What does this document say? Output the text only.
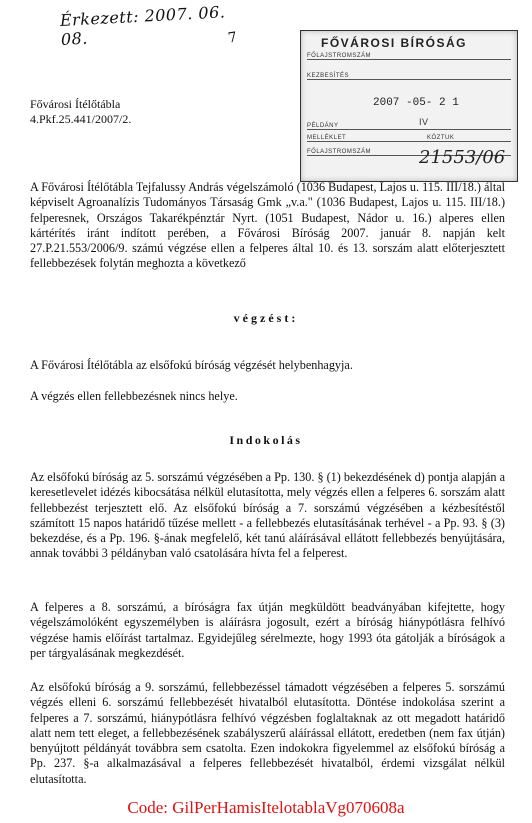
Érkezett: 2007. 06. 08.	7	FŐVÁROSI BÍRÓSÁG
FŐLAJSTROMSZÁM
KEZBESÍTÉS
2007 -05- 2 1
PÉLDÁNY	IV
MELLÉKLET	KÖZTUK
FŐLAJSTROMSZÁM	21553/06
Fővárosi Ítélőtábla
4.Pkf.25.441/2007/2.

A Fővárosi Ítélőtábla Tejfalussy András végelszámoló (1036 Budapest, Lajos u. 115. III/18.) által képviselt Agroanalízis Tudományos Társaság Gmk „v.a." (1036 Budapest, Lajos u. 115. III/18.) felperesnek, Országos Takarékpénztár Nyrt. (1051 Budapest, Nádor u. 16.) alperes ellen kártérítés iránt indított perében, a Fővárosi Bíróság 2007. január 8. napján kelt 27.P.21.553/2006/9. számú végzése ellen a felperes által 10. és 13. sorszám alatt előterjesztett fellebbezések folytán meghozta a következő

végzést:

A Fővárosi Ítélőtábla az elsőfokú bíróság végzését helybenhagyja.

A végzés ellen fellebbezésnek nincs helye.

Indokolás

Az elsőfokú bíróság az 5. sorszámú végzésében a Pp. 130. § (1) bekezdésének d) pontja alapján a keresetlevelet idézés kibocsátása nélkül elutasította, mely végzés ellen a felperes 6. sorszám alatt fellebbezést terjesztett elő. Az elsőfokú bíróság a 7. sorszámú végzésében a kézbesítéstől számított 15 napos határidő tűzése mellett - a fellebbezés elutasításának terhével - a Pp. 93. § (3) bekezdése, és a Pp. 196. §-ának megfelelő, két tanú aláírásával ellátott fellebbezés benyújtására, annak további 3 példányban való csatolására hívta fel a felperest.

A felperes a 8. sorszámú, a bíróságra fax útján megküldött beadványában kifejtette, hogy végelszámolóként egyszemélyben is aláírásra jogosult, ezért a bíróság hiánypótlásra felhívó végzése hamis előírást tartalmaz. Egyidejűleg sérelmezte, hogy 1993 óta gátolják a bíróságok a per tárgyalásának megkezdését.

Az elsőfokú bíróság a 9. sorszámú, fellebbezéssel támadott végzésében a felperes 5. sorszámú végzés elleni 6. sorszámú fellebbezését hivatalból elutasította. Döntése indokolása szerint a felperes a 7. sorszámú, hiánypótlásra felhívó végzésben foglaltaknak az ott megadott határidő alatt nem tett eleget, a fellebbezésének szabályszerű aláírással ellátott, eredetben (nem fax útján) benyújtott példányát továbbra sem csatolta. Ezen indokokra figyelemmel az elsőfokú bíróság a Pp. 237. §-a alkalmazásával a felperes fellebbezését hivatalból, érdemi vizsgálat nélkül elutasította.

Code: GilPerHamisItelotablaVg070608a
